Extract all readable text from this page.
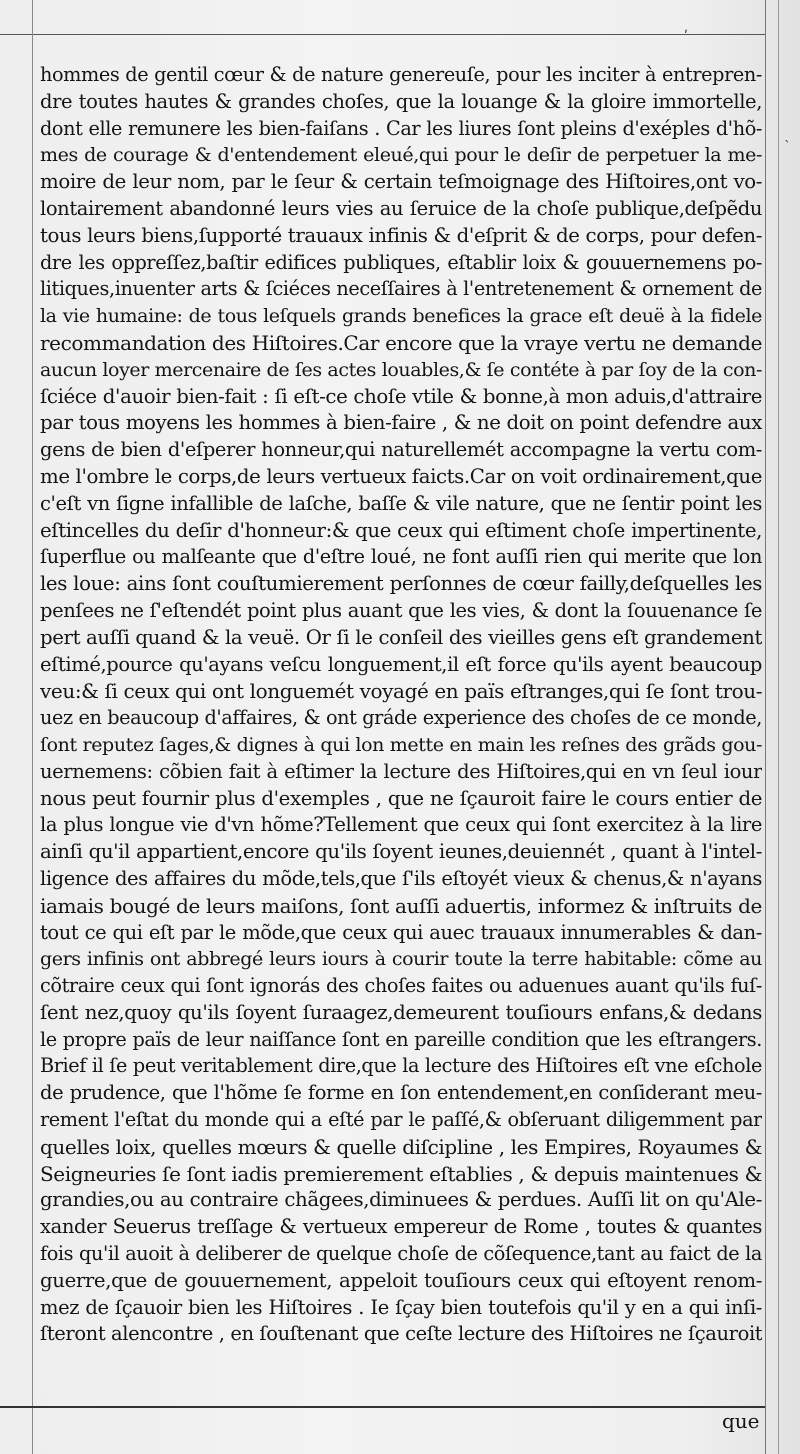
ʹ
ˋ
hommes de gentil cœur & de nature genereuſe, pour les inciter à entrepren-
dre toutes hautes & grandes choſes, que la louange & la gloire immortelle,
dont elle remunere les bien-faiſans . Car les liures ſont pleins d'exéples d'hõ-
mes de courage & d'entendement eleué,qui pour le deſir de perpetuer la me-
moire de leur nom, par le ſeur & certain teſmoignage des Hiſtoires,ont vo-
lontairement abandonné leurs vies au ſeruice de la choſe publique,deſpẽdu
tous leurs biens,ſupporté trauaux infinis & d'eſprit & de corps, pour defen-
dre les oppreſſez,baſtir edifices publiques, eſtablir loix & gouuernemens po-
litiques,inuenter arts & ſciéces neceſſaires à l'entretenement & ornement de
la vie humaine: de tous leſquels grands benefices la grace eſt deuë à la fidele
recommandation des Hiſtoires.Car encore que la vraye vertu ne demande
aucun loyer mercenaire de ſes actes louables,& ſe contéte à par ſoy de la con-
ſciéce d'auoir bien-fait : ſi eſt-ce choſe vtile & bonne,à mon aduis,d'attraire
par tous moyens les hommes à bien-faire , & ne doit on point defendre aux
gens de bien d'eſperer honneur,qui naturellemét accompagne la vertu com-
me l'ombre le corps,de leurs vertueux faicts.Car on voit ordinairement,que
c'eſt vn ſigne infallible de laſche, baſſe & vile nature, que ne ſentir point les
eſtincelles du deſir d'honneur:& que ceux qui eſtiment choſe impertinente,
ſuperflue ou malſeante que d'eſtre loué, ne font auſſi rien qui merite que lon
les loue: ains ſont couſtumierement perſonnes de cœur failly,deſquelles les
penſees ne ſ'eſtendét point plus auant que les vies, & dont la ſouuenance ſe
pert auſſi quand & la veuë. Or ſi le conſeil des vieilles gens eſt grandement
eſtimé,pource qu'ayans veſcu longuement,il eſt force qu'ils ayent beaucoup
veu:& ſi ceux qui ont longuemét voyagé en païs eſtranges,qui ſe ſont trou-
uez en beaucoup d'affaires, & ont gráde experience des choſes de ce monde,
ſont reputez ſages,& dignes à qui lon mette en main les reſnes des grãds gou-
uernemens: cõbien fait à eſtimer la lecture des Hiſtoires,qui en vn ſeul iour
nous peut fournir plus d'exemples , que ne ſçauroit faire le cours entier de
la plus longue vie d'vn hõme?Tellement que ceux qui ſont exercitez à la lire
ainſi qu'il appartient,encore qu'ils ſoyent ieunes,deuiennét , quant à l'intel-
ligence des affaires du mõde,tels,que ſ'ils eſtoyét vieux & chenus,& n'ayans
iamais bougé de leurs maiſons, ſont auſſi aduertis, informez & inſtruits de
tout ce qui eſt par le mõde,que ceux qui auec trauaux innumerables & dan-
gers infinis ont abbregé leurs iours à courir toute la terre habitable: cõme au
cõtraire ceux qui ſont ignorás des choſes faites ou aduenues auant qu'ils fuſ-
ſent nez,quoy qu'ils ſoyent ſuraagez,demeurent touſiours enfans,& dedans
le propre païs de leur naiſſance ſont en pareille condition que les eſtrangers.
Brief il ſe peut veritablement dire,que la lecture des Hiſtoires eſt vne eſchole
de prudence, que l'hõme ſe forme en ſon entendement,en conſiderant meu-
rement l'eſtat du monde qui a eſté par le paſſé,& obſeruant diligemment par
quelles loix, quelles mœurs & quelle diſcipline , les Empires, Royaumes &
Seigneuries ſe ſont iadis premierement eſtablies , & depuis maintenues &
grandies,ou au contraire chãgees,diminuees & perdues. Auſſi lit on qu'Ale-
xander Seuerus treſſage & vertueux empereur de Rome , toutes & quantes
fois qu'il auoit à deliberer de quelque choſe de cõſequence,tant au faict de la
guerre,que de gouuernement, appeloit touſiours ceux qui eſtoyent renom-
mez de ſçauoir bien les Hiſtoires . Ie ſçay bien toutefois qu'il y en a qui inſi-
ſteront alencontre , en ſouſtenant que ceſte lecture des Hiſtoires ne ſçauroit
que
